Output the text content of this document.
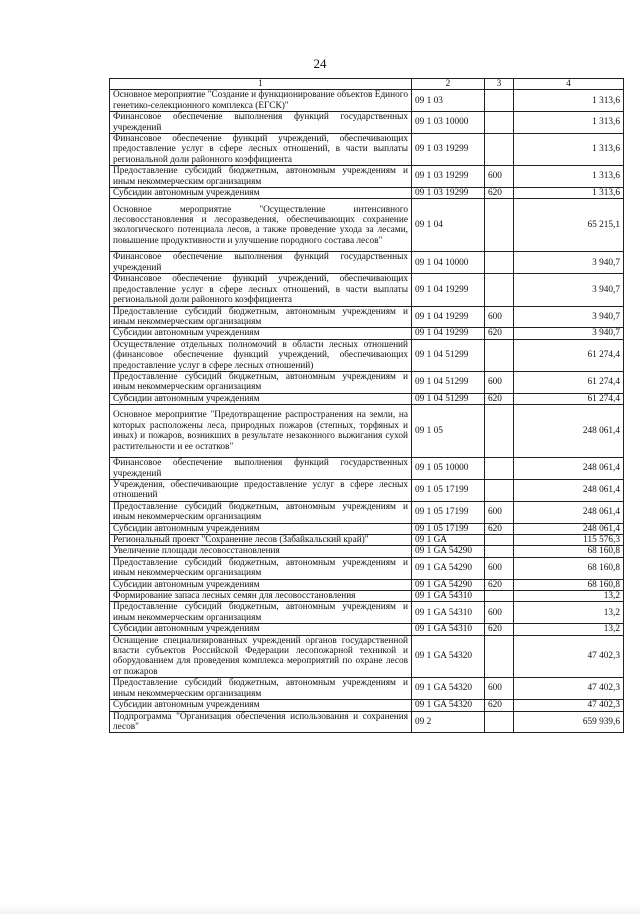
24
1	2	3	4
Основное мероприятие "Создание и функционирование объектов Единого генетико-селекционного комплекса (ЕГСК)"	09 1 03		1 313,6
Финансовое обеспечение выполнения функций государственных учреждений	09 1 03 10000		1 313,6
Финансовое обеспечение функций учреждений, обеспечивающих предоставление услуг в сфере лесных отношений, в части выплаты региональной доли районного коэффициента	09 1 03 19299		1 313,6
Предоставление субсидий бюджетным, автономным учреждениям и иным некоммерческим организациям	09 1 03 19299	600	1 313,6
Субсидии автономным учреждениям	09 1 03 19299	620	1 313,6
Основное мероприятие "Осуществление интенсивного лесовосстановления и лесоразведения, обеспечивающих сохранение экологического потенциала лесов, а также проведение ухода за лесами, повышение продуктивности и улучшение породного состава лесов"	09 1 04		65 215,1
Финансовое обеспечение выполнения функций государственных учреждений	09 1 04 10000		3 940,7
Финансовое обеспечение функций учреждений, обеспечивающих предоставление услуг в сфере лесных отношений, в части выплаты региональной доли районного коэффициента	09 1 04 19299		3 940,7
Предоставление субсидий бюджетным, автономным учреждениям и иным некоммерческим организациям	09 1 04 19299	600	3 940,7
Субсидии автономным учреждениям	09 1 04 19299	620	3 940,7
Осуществление отдельных полномочий в области лесных отношений (финансовое обеспечение функций учреждений, обеспечивающих предоставление услуг в сфере лесных отношений)	09 1 04 51299		61 274,4
Предоставление субсидий бюджетным, автономным учреждениям и иным некоммерческим организациям	09 1 04 51299	600	61 274,4
Субсидии автономным учреждениям	09 1 04 51299	620	61 274,4
Основное мероприятие "Предотвращение распространения на земли, на которых расположены леса, природных пожаров (степных, торфяных и иных) и пожаров, возникших в результате незаконного выжигания сухой растительности и ее остатков"	09 1 05		248 061,4
Финансовое обеспечение выполнения функций государственных учреждений	09 1 05 10000		248 061,4
Учреждения, обеспечивающие предоставление услуг в сфере лесных отношений	09 1 05 17199		248 061,4
Предоставление субсидий бюджетным, автономным учреждениям и иным некоммерческим организациям	09 1 05 17199	600	248 061,4
Субсидии автономным учреждениям	09 1 05 17199	620	248 061,4
Региональный проект "Сохранение лесов (Забайкальский край)"	09 1 GA		115 576,3
Увеличение площади лесовосстановления	09 1 GA 54290		68 160,8
Предоставление субсидий бюджетным, автономным учреждениям и иным некоммерческим организациям	09 1 GA 54290	600	68 160,8
Субсидии автономным учреждениям	09 1 GA 54290	620	68 160,8
Формирование запаса лесных семян для лесовосстановления	09 1 GA 54310		13,2
Предоставление субсидий бюджетным, автономным учреждениям и иным некоммерческим организациям	09 1 GA 54310	600	13,2
Субсидии автономным учреждениям	09 1 GA 54310	620	13,2
Оснащение специализированных учреждений органов государственной власти субъектов Российской Федерации лесопожарной техникой и оборудованием для проведения комплекса мероприятий по охране лесов от пожаров	09 1 GA 54320		47 402,3
Предоставление субсидий бюджетным, автономным учреждениям и иным некоммерческим организациям	09 1 GA 54320	600	47 402,3
Субсидии автономным учреждениям	09 1 GA 54320	620	47 402,3
Подпрограмма "Организация обеспечения использования и сохранения лесов"	09 2		659 939,6
